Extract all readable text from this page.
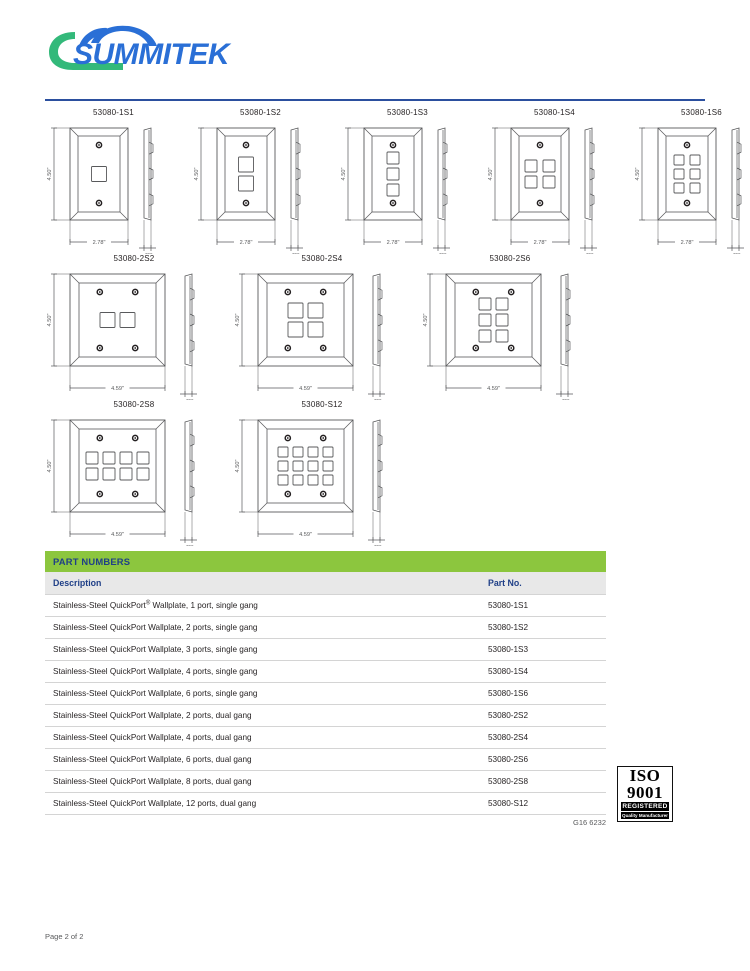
SUMMITEK
53080-1S1
4.50"
2.78"
53080-1S2
4.50"
2.78"
53080-1S3
4.50"
2.78"
53080-1S4
4.50"
2.78"
53080-1S6
4.50"
2.78"
53080-2S2
4.50"
4.59"
53080-2S4
4.50"
4.59"
53080-2S6
4.50"
4.59"
53080-2S8
4.50"
4.59"
53080-S12
4.50"
4.59"
PART NUMBERS
Description	Part No.
Stainless-Steel QuickPort® Wallplate, 1 port, single gang	53080-1S1
Stainless-Steel QuickPort Wallplate, 2 ports, single gang	53080-1S2
Stainless-Steel QuickPort Wallplate, 3 ports, single gang	53080-1S3
Stainless-Steel QuickPort Wallplate, 4 ports, single gang	53080-1S4
Stainless-Steel QuickPort Wallplate, 6 ports, single gang	53080-1S6
Stainless-Steel QuickPort Wallplate, 2 ports, dual gang	53080-2S2
Stainless-Steel QuickPort Wallplate, 4 ports, dual gang	53080-2S4
Stainless-Steel QuickPort Wallplate, 6 ports, dual gang	53080-2S6
Stainless-Steel QuickPort Wallplate, 8 ports, dual gang	53080-2S8
Stainless-Steel QuickPort Wallplate, 12 ports, dual gang	53080-S12
ISO
9001
REGISTERED
Quality Manufacturer
G16 6232
Page 2 of 2
